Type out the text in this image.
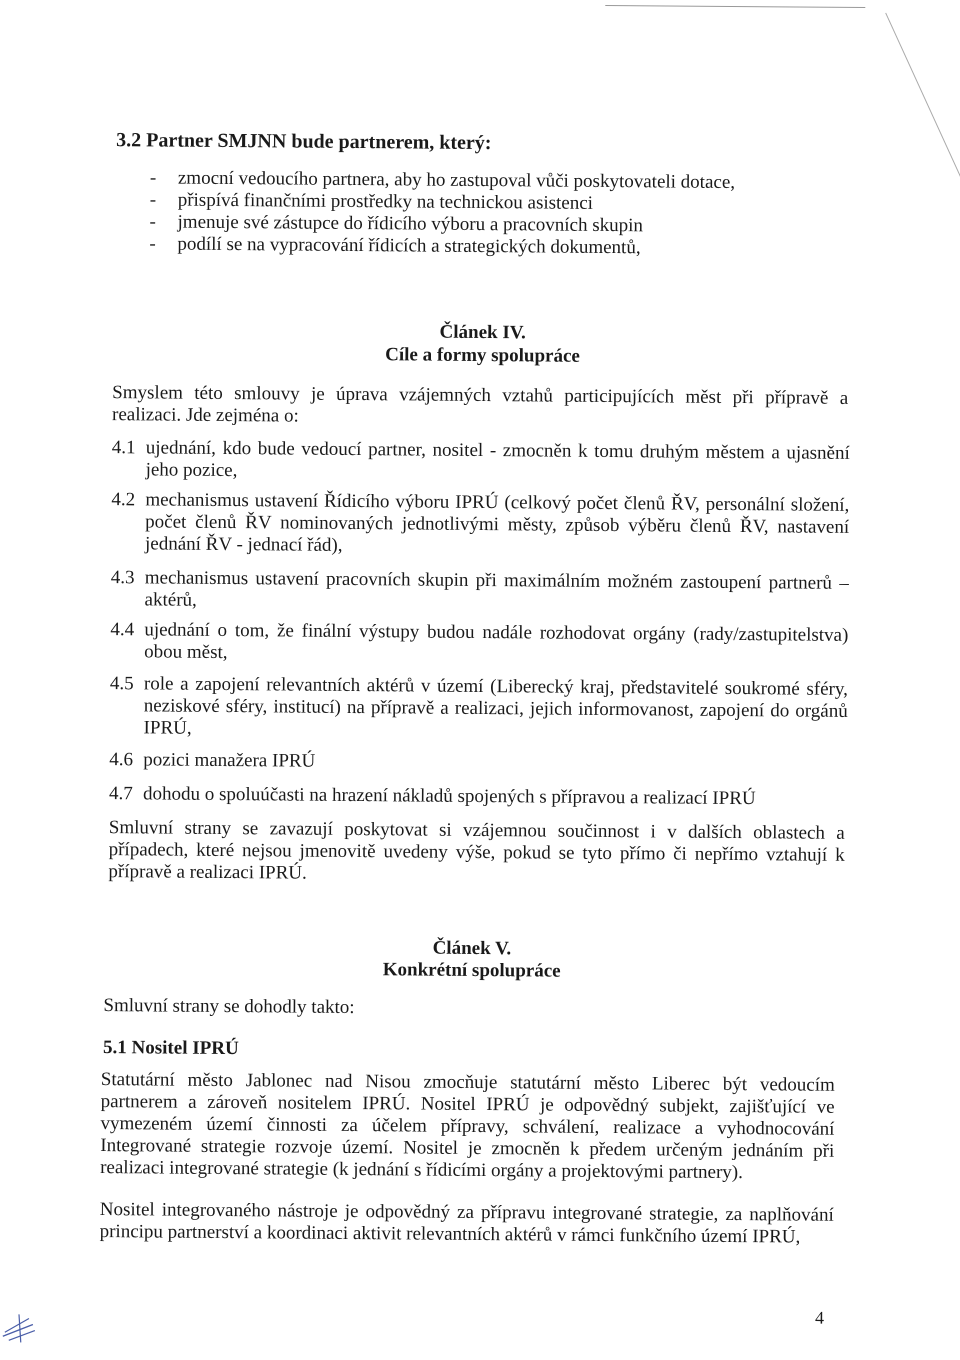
3.2 Partner SMJNN bude partnerem, který:
- zmocní vedoucího partnera, aby ho zastupoval vůči poskytovateli dotace,
- přispívá finančními prostředky na technickou asistenci
- jmenuje své zástupce do řídicího výboru a pracovních skupin
- podílí se na vypracování řídicích a strategických dokumentů,
Článek IV.
Cíle a formy spolupráce

Smyslem této smlouvy je úprava vzájemných vztahů participujících měst při přípravě a realizaci. Jde zejména o:

4.1 ujednání, kdo bude vedoucí partner, nositel - zmocněn k tomu druhým městem a ujasnění jeho pozice,
4.2 mechanismus ustavení Řídicího výboru IPRÚ (celkový počet členů ŘV, personální složení, počet členů ŘV nominovaných jednotlivými městy, způsob výběru členů ŘV, nastavení jednání ŘV - jednací řád),
4.3 mechanismus ustavení pracovních skupin při maximálním možném zastoupení partnerů – aktérů,
4.4 ujednání o tom, že finální výstupy budou nadále rozhodovat orgány (rady/zastupitelstva) obou měst,
4.5 role a zapojení relevantních aktérů v území (Liberecký kraj, představitelé soukromé sféry, neziskové sféry, institucí) na přípravě a realizaci, jejich informovanost, zapojení do orgánů IPRÚ,
4.6 pozici manažera IPRÚ
4.7 dohodu o spoluúčasti na hrazení nákladů spojených s přípravou a realizací IPRÚ

Smluvní strany se zavazují poskytovat si vzájemnou součinnost i v dalších oblastech a případech, které nejsou jmenovitě uvedeny výše, pokud se tyto přímo či nepřímo vztahují k přípravě a realizaci IPRÚ.

Článek V.
Konkrétní spolupráce

Smluvní strany se dohodly takto:

5.1 Nositel IPRÚ

Statutární město Jablonec nad Nisou zmocňuje statutární město Liberec být vedoucím partnerem a zároveň nositelem IPRÚ. Nositel IPRÚ je odpovědný subjekt, zajišťující ve vymezeném území činnosti za účelem přípravy, schválení, realizace a vyhodnocování Integrované strategie rozvoje území. Nositel je zmocněn k předem určeným jednáním při realizaci integrované strategie (k jednání s řídicími orgány a projektovými partnery).

Nositel integrovaného nástroje je odpovědný za přípravu integrované strategie, za naplňování principu partnerství a koordinaci aktivit relevantních aktérů v rámci funkčního území IPRÚ,

4
